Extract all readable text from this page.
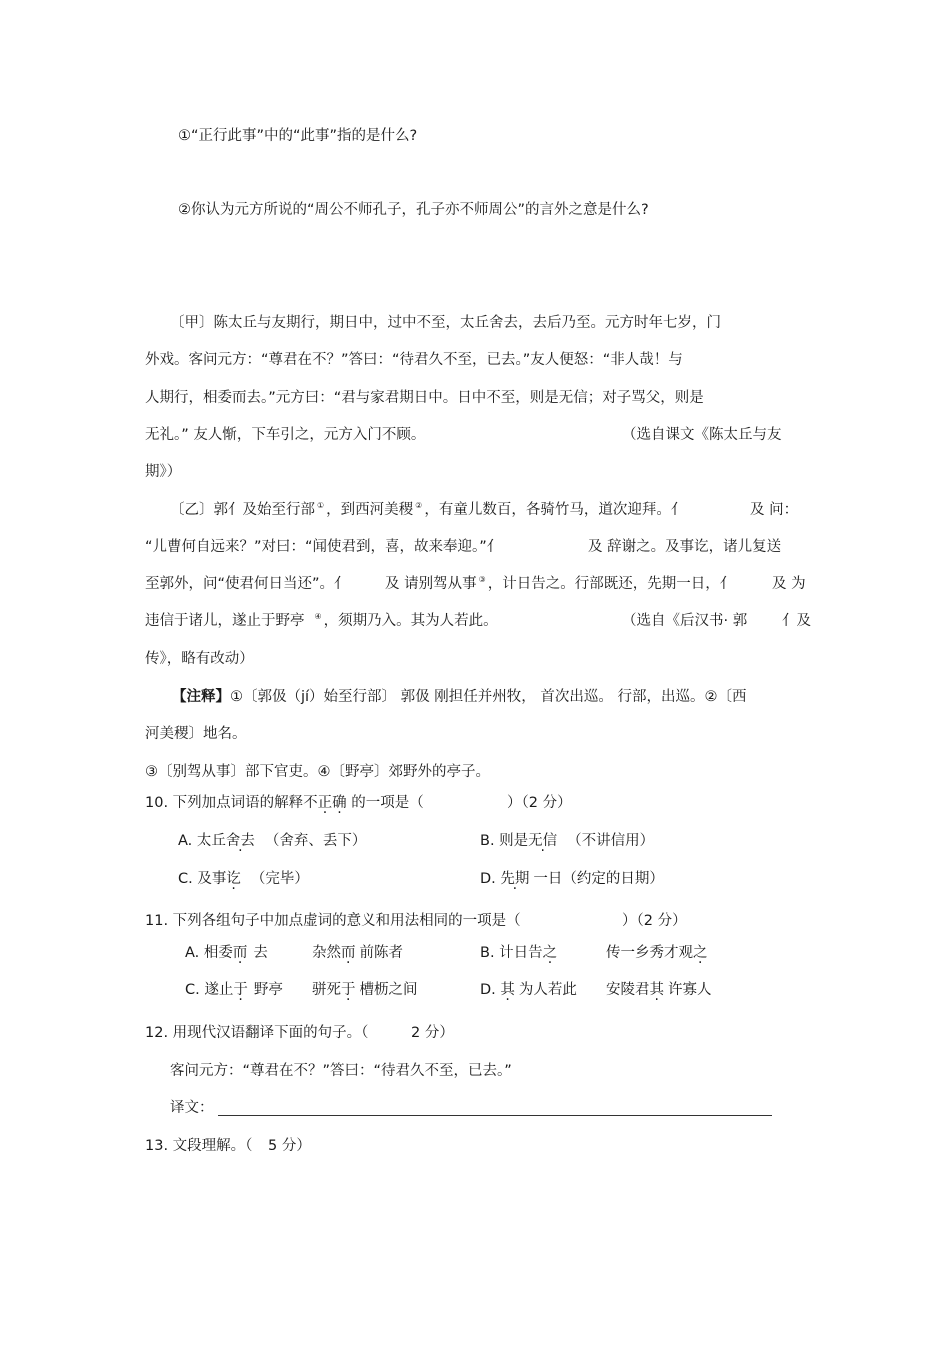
①“正行此事”中的“此事”指的是什么?
②你认为元方所说的“周公不师孔子，孔子亦不师周公”的言外之意是什么?
〔甲〕陈太丘与友期行，期日中，过中不至，太丘舍去，去后乃至。元方时年七岁，门
外戏。客问元方：“尊君在不？”答曰：“待君久不至，已去。”友人便怒：“非人哉！与
人期行，相委而去。”元方曰：“君与家君期日中。日中不至，则是无信；对子骂父，则是
无礼。” 友人惭，下车引之，元方入门不顾。	（选自课文《陈太丘与友
期》）
〔乙〕郭亻及始至行部 ① ，到西河美稷 ② ，有童儿数百，各骑竹马，道次迎拜。亻	及 问：
“儿曹何自远来？”对曰：“闻使君到，喜，故来奉迎。”亻	及 辞谢之。及事讫，诸儿复送
至郭外，问“使君何日当还”。亻	及 请别驾从事 ③ ，计日告之。行部既还，先期一日，亻	及 为
违信于诸儿，遂止于野亭 ④ ，须期乃入。其为人若此。	（选自《后汉书· 郭 亻及
传》，略有改动）
【注释】①〔郭伋（jí）始至行部〕 郭伋 刚担任并州牧， 首次出巡。 行部，出巡。②〔西
河美稷〕地名。
③〔别驾从事〕部下官吏。④〔野亭〕郊野外的亭子。
10. 下列加点词语的解释不正确 的一项是（	）（2 分）
A. 太丘舍去 （舍弃、丢下）	B. 则是无信 （不讲信用）
C. 及事讫 （完毕）	D. 先期 一日（约定的日期）
11. 下列各组句子中加点虚词的意义和用法相同的一项是（	）（2 分）
A. 相委而 去	杂然而 前陈者	B. 计日告之	传一乡秀才观之
C. 遂止于 野亭 骈死于 槽枥之间	D. 其 为人若此 安陵君其 许寡人
12. 用现代汉语翻译下面的句子。（	2 分）
客问元方：“尊君在不？”答曰：“待君久不至，已去。”
译文：
13. 文段理解。（ 5 分）
